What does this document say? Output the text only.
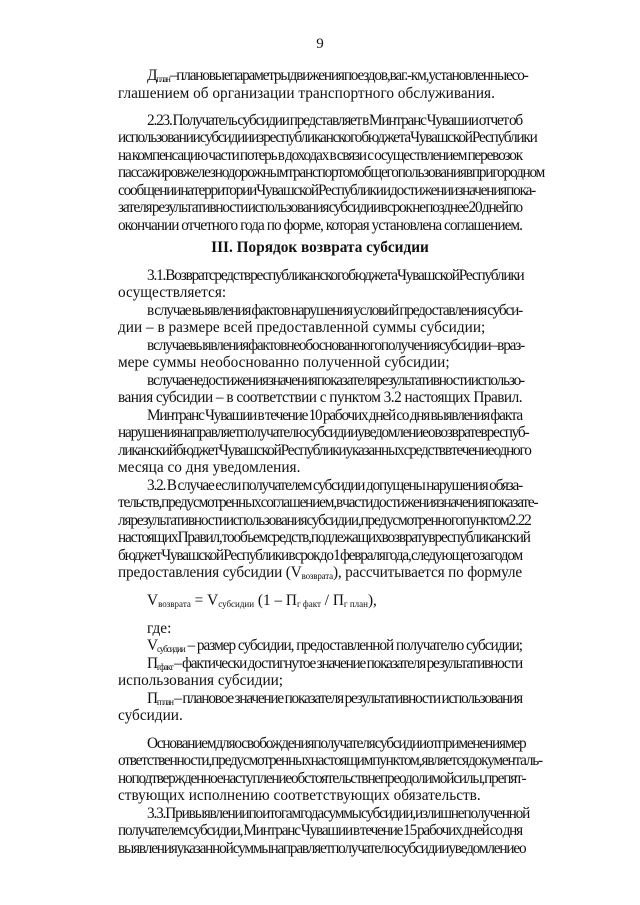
9
III. Порядок возврата субсидии
$Д_{план}$ – плановые параметры движения поездов, ваг.-км, установленные со-
глашением об организации транспортного обслуживания.
2.23. Получатель субсидии представляет в Минтранс Чувашии отчет об
использовании субсидии из республиканского бюджета Чувашской Республики
на компенсацию части потерь в доходах в связи с осуществлением перевозок
пассажиров железнодорожным транспортом общего пользования в пригородном
сообщении на территории Чувашской Республики и достижении значения пока-
зателя результативности использования субсидии в срок не позднее 20 дней по
окончании отчетного года по форме, которая установлена соглашением.
3.1. Возврат средств республиканского бюджета Чувашской Республики
осуществляется:
в случае выявления фактов нарушения условий предоставления субси-
дии – в размере всей предоставленной суммы субсидии;
в случае выявления фактов необоснованного получения субсидии – в раз-
мере суммы необоснованно полученной субсидии;
в случае недостижения значения показателя результативности использо-
вания субсидии – в соответствии с пунктом 3.2 настоящих Правил.
Минтранс Чувашии в течение 10 рабочих дней со дня выявления факта
нарушения направляет получателю субсидии уведомление о возврате в респуб-
ликанский бюджет Чувашской Республики указанных средств в течение одного
месяца со дня уведомления.
3.2. В случае если получателем субсидии допущены нарушения обяза-
тельств, предусмотренных соглашением, в части достижения значения показате-
ля результативности использования субсидии, предусмотренного пунктом 2.22
настоящих Правил, то объем средств, подлежащих возврату в республиканский
бюджет Чувашской Республики в срок до 1 февраля года, следующего за годом
предоставления субсидии $(V_{возврата})$, рассчитывается по формуле
$V_{возврата} = V_{субсидии}$ $(1 - П_{г факт} / П_{г план})$,
где:
$V_{субсидии}$ – размер субсидии, предоставленной получателю субсидии;
$П_{г факт}$ – фактически достигнутое значение показателя результативности
использования субсидии;
$П_{г план}$ – плановое значение показателя результативности использования
субсидии.
Основанием для освобождения получателя субсидии от применения мер
ответственности, предусмотренных настоящим пунктом, является документаль-
но подтвержденное наступление обстоятельств непреодолимой силы, препят-
ствующих исполнению соответствующих обязательств.
3.3. При выявлении по итогам года суммы субсидии, излишне полученной
получателем субсидии, Минтранс Чувашии в течение 15 рабочих дней со дня
выявления указанной суммы направляет получателю субсидии уведомление о
